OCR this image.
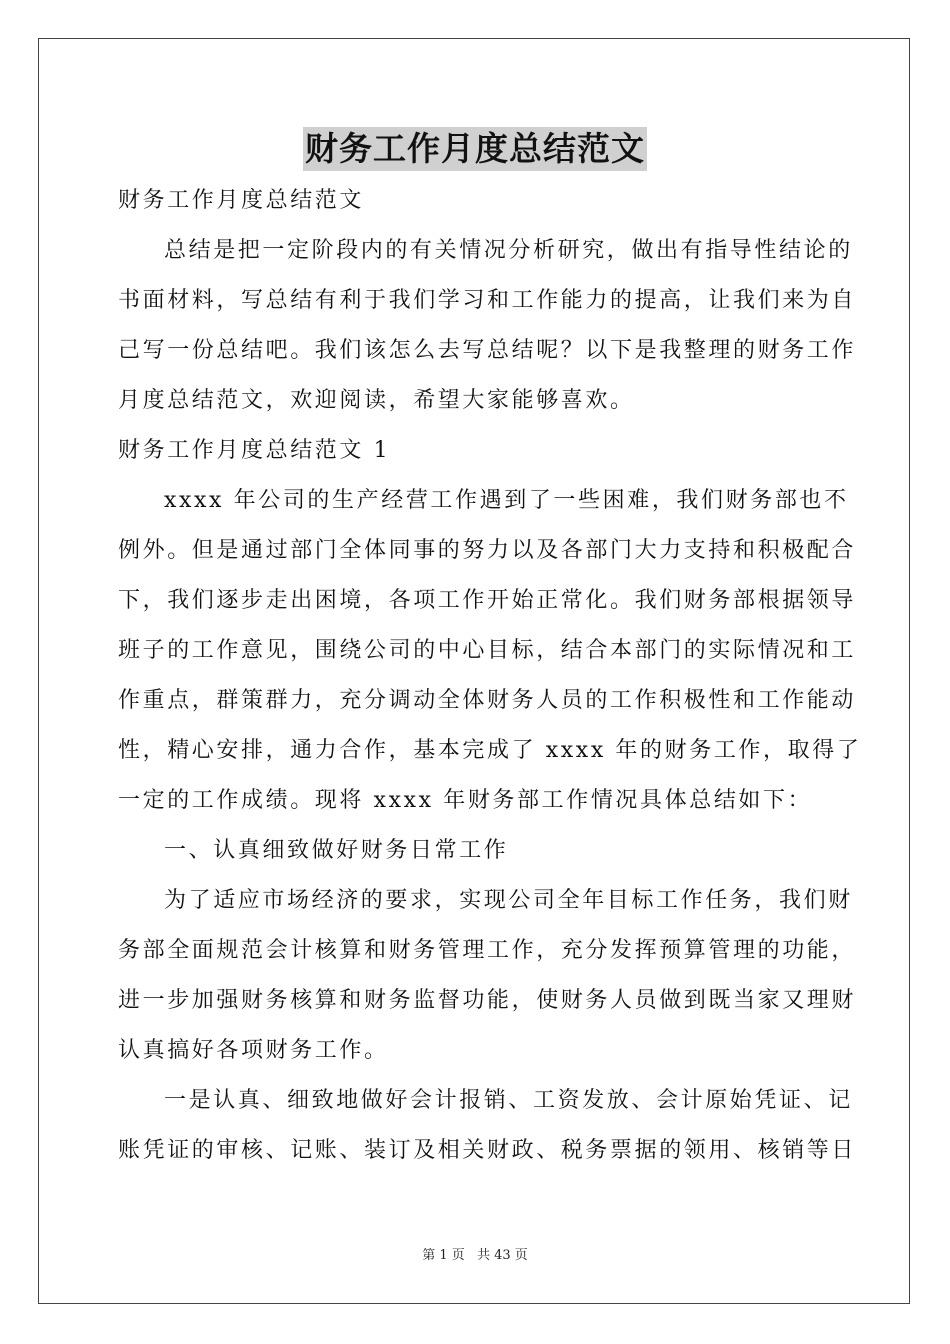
财务工作月度总结范文
财务工作月度总结范文
总结是把一定阶段内的有关情况分析研究，做出有指导性结论的
书面材料，写总结有利于我们学习和工作能力的提高，让我们来为自
己写一份总结吧。我们该怎么去写总结呢？以下是我整理的财务工作
月度总结范文，欢迎阅读，希望大家能够喜欢。
财务工作月度总结范文 1
xxxx 年公司的生产经营工作遇到了一些困难，我们财务部也不
例外。但是通过部门全体同事的努力以及各部门大力支持和积极配合
下，我们逐步走出困境，各项工作开始正常化。我们财务部根据领导
班子的工作意见，围绕公司的中心目标，结合本部门的实际情况和工
作重点，群策群力，充分调动全体财务人员的工作积极性和工作能动
性，精心安排，通力合作，基本完成了 xxxx 年的财务工作，取得了
一定的工作成绩。现将 xxxx 年财务部工作情况具体总结如下：
一、认真细致做好财务日常工作
为了适应市场经济的要求，实现公司全年目标工作任务，我们财
务部全面规范会计核算和财务管理工作，充分发挥预算管理的功能，
进一步加强财务核算和财务监督功能，使财务人员做到既当家又理财
认真搞好各项财务工作。
一是认真、细致地做好会计报销、工资发放、会计原始凭证、记
账凭证的审核、记账、装订及相关财政、税务票据的领用、核销等日
第 1 页 共 43 页
